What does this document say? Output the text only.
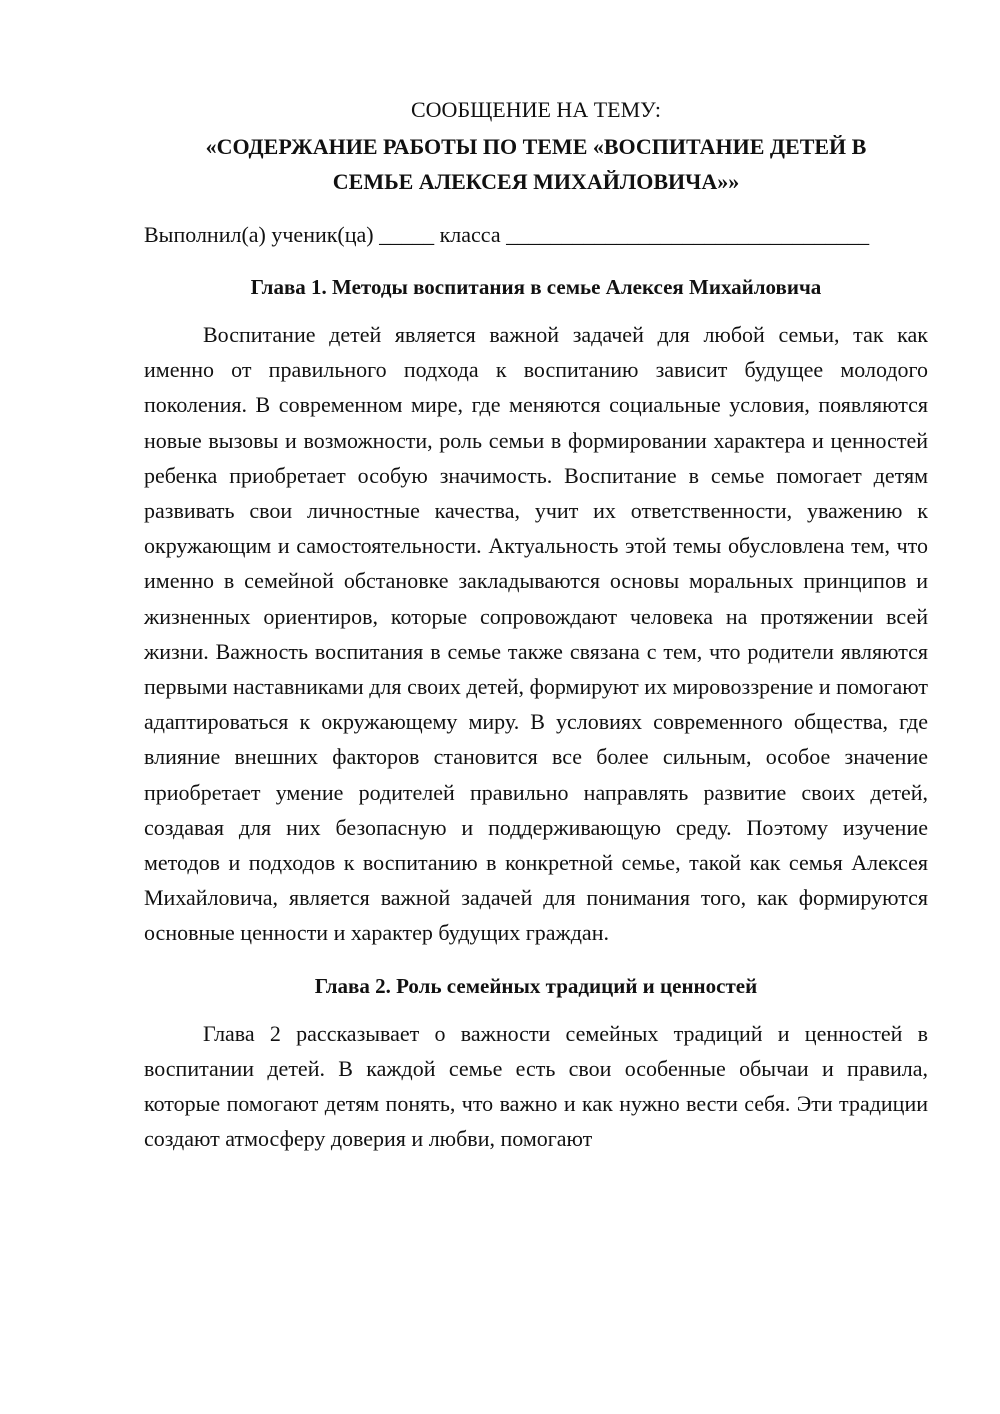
СООБЩЕНИЕ НА ТЕМУ:

«СОДЕРЖАНИЕ РАБОТЫ ПО ТЕМЕ «ВОСПИТАНИЕ ДЕТЕЙ В

СЕМЬЕ АЛЕКСЕЯ МИХАЙЛОВИЧА»»

Выполнил(а) ученик(ца) _____ класса _________________________________

Глава 1. Методы воспитания в семье Алексея Михайловича

Воспитание детей является важной задачей для любой семьи, так как именно от правильного подхода к воспитанию зависит будущее молодого поколения. В современном мире, где меняются социальные условия, появляются новые вызовы и возможности, роль семьи в формировании характера и ценностей ребенка приобретает особую значимость. Воспитание в семье помогает детям развивать свои личностные качества, учит их ответственности, уважению к окружающим и самостоятельности. Актуальность этой темы обусловлена тем, что именно в семейной обстановке закладываются основы моральных принципов и жизненных ориентиров, которые сопровождают человека на протяжении всей жизни. Важность воспитания в семье также связана с тем, что родители являются первыми наставниками для своих детей, формируют их мировоззрение и помогают адаптироваться к окружающему миру. В условиях современного общества, где влияние внешних факторов становится все более сильным, особое значение приобретает умение родителей правильно направлять развитие своих детей, создавая для них безопасную и поддерживающую среду. Поэтому изучение методов и подходов к воспитанию в конкретной семье, такой как семья Алексея Михайловича, является важной задачей для понимания того, как формируются основные ценности и характер будущих граждан.

Глава 2. Роль семейных традиций и ценностей

Глава 2 рассказывает о важности семейных традиций и ценностей в воспитании детей. В каждой семье есть свои особенные обычаи и правила, которые помогают детям понять, что важно и как нужно вести себя. Эти традиции создают атмосферу доверия и любви, помогают
